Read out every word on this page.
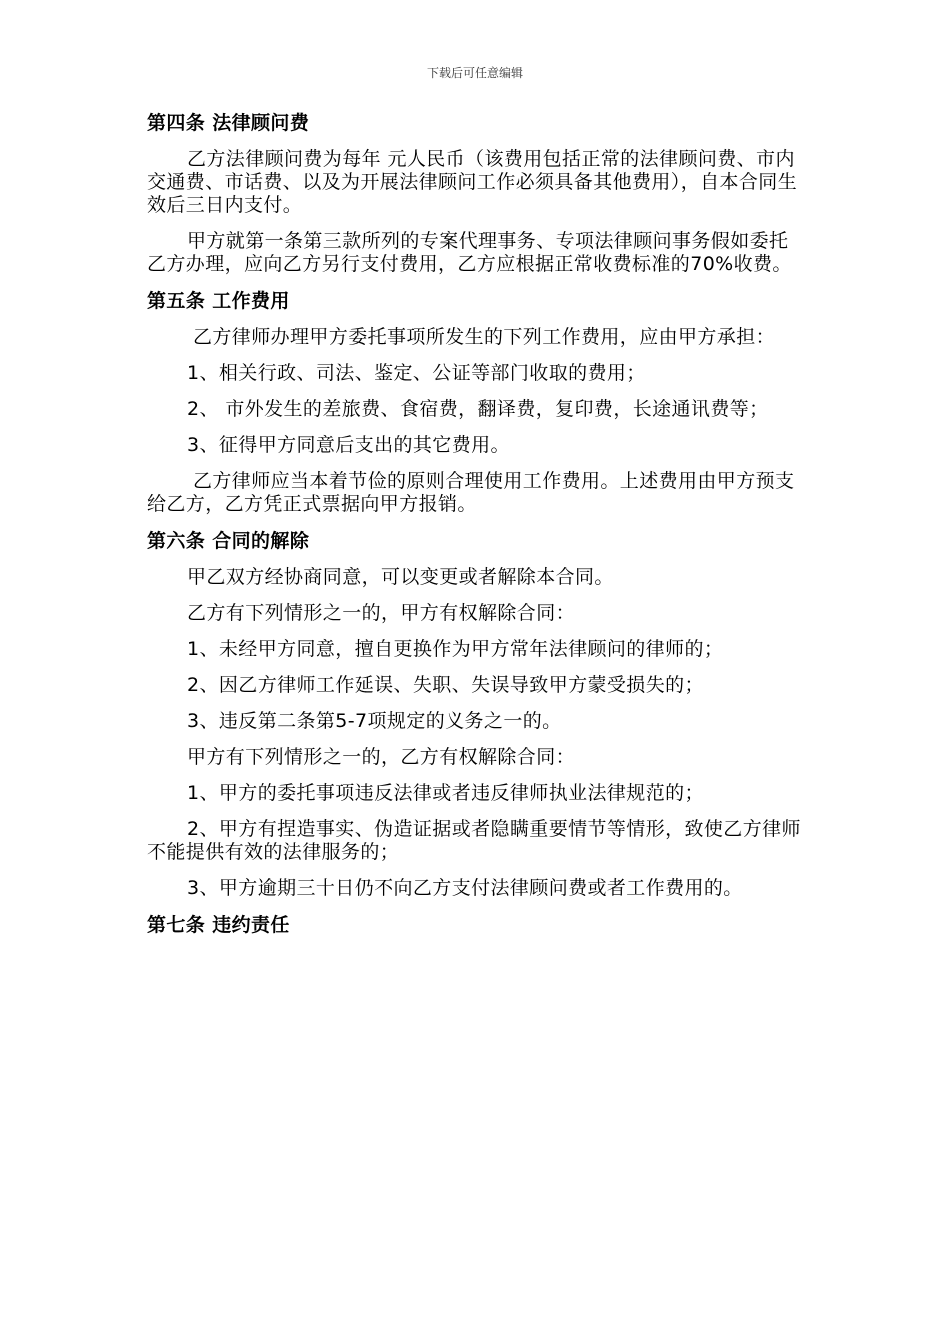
下载后可任意编辑

第四条 法律顾问费

乙方法律顾问费为每年 元人民币（该费用包括正常的法律顾问费、市内交通费、市话费、以及为开展法律顾问工作必须具备其他费用），自本合同生效后三日内支付。

甲方就第一条第三款所列的专案代理事务、专项法律顾问事务假如委托乙方办理，应向乙方另行支付费用，乙方应根据正常收费标准的70%收费。

第五条 工作费用

乙方律师办理甲方委托事项所发生的下列工作费用，应由甲方承担：

1、相关行政、司法、鉴定、公证等部门收取的费用；

2、 市外发生的差旅费、食宿费，翻译费，复印费，长途通讯费等；

3、征得甲方同意后支出的其它费用。

乙方律师应当本着节俭的原则合理使用工作费用。上述费用由甲方预支给乙方，乙方凭正式票据向甲方报销。

第六条 合同的解除

甲乙双方经协商同意，可以变更或者解除本合同。

乙方有下列情形之一的，甲方有权解除合同：

1、未经甲方同意，擅自更换作为甲方常年法律顾问的律师的；

2、因乙方律师工作延误、失职、失误导致甲方蒙受损失的；

3、违反第二条第5-7项规定的义务之一的。

甲方有下列情形之一的，乙方有权解除合同：

1、甲方的委托事项违反法律或者违反律师执业法律规范的；

2、甲方有捏造事实、伪造证据或者隐瞒重要情节等情形，致使乙方律师不能提供有效的法律服务的；

3、甲方逾期三十日仍不向乙方支付法律顾问费或者工作费用的。

第七条 违约责任
